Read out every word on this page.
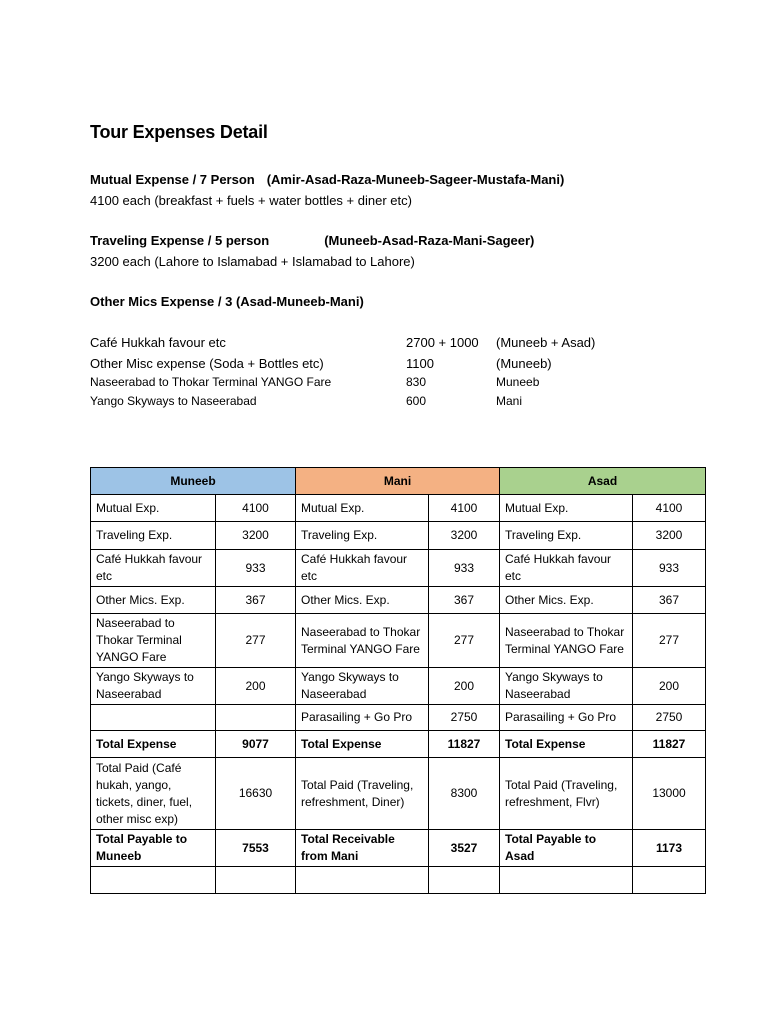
Tour Expenses Detail
Mutual Expense / 7 Person (Amir-Asad-Raza-Muneeb-Sageer-Mustafa-Mani)
4100 each (breakfast + fuels + water bottles + diner etc)
Traveling Expense / 5 person	(Muneeb-Asad-Raza-Mani-Sageer)
3200 each (Lahore to Islamabad + Islamabad to Lahore)
Other Mics Expense / 3 (Asad-Muneeb-Mani)
Café Hukkah favour etc	2700 + 1000 (Muneeb + Asad)
Other Misc expense (Soda + Bottles etc)	1100	(Muneeb)
Naseerabad to Thokar Terminal YANGO Fare	830	Muneeb
Yango Skyways to Naseerabad	600	Mani
Muneeb		Mani		Asad	
Mutual Exp.	4100	Mutual Exp.	4100	Mutual Exp.	4100
Traveling Exp.	3200	Traveling Exp.	3200	Traveling Exp.	3200
Café Hukkah favour etc	933	Café Hukkah favour etc	933	Café Hukkah favour etc	933
Other Mics. Exp.	367	Other Mics. Exp.	367	Other Mics. Exp.	367
Naseerabad to Thokar Terminal YANGO Fare	277	Naseerabad to Thokar Terminal YANGO Fare	277	Naseerabad to Thokar Terminal YANGO Fare	277
Yango Skyways to Naseerabad	200	Yango Skyways to Naseerabad	200	Yango Skyways to Naseerabad	200
		Parasailing + Go Pro	2750	Parasailing + Go Pro	2750
Total Expense	9077	Total Expense	11827	Total Expense	11827
Total Paid (Café hukah, yango, tickets, diner, fuel, other misc exp)	16630	Total Paid (Traveling, refreshment, Diner)	8300	Total Paid (Traveling, refreshment, Flvr)	13000
Total Payable to Muneeb	7553	Total Receivable from Mani	3527	Total Payable to Asad	1173
